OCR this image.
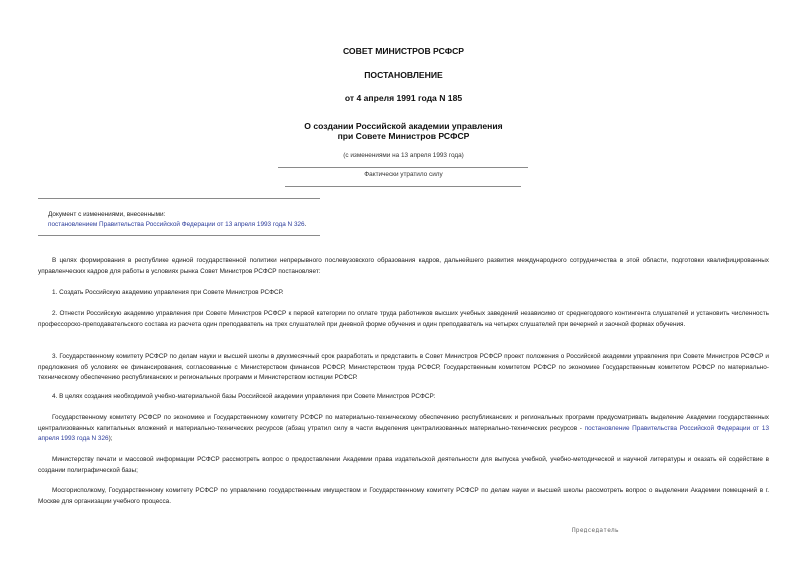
СОВЕТ МИНИСТРОВ РСФСР
ПОСТАНОВЛЕНИЕ
от 4 апреля 1991 года N 185
О создании Российской академии управления
при Совете Министров РСФСР
(с изменениями на 13 апреля 1993 года)
Фактически утратило силу
Документ с изменениями, внесенными:
постановлением Правительства Российской Федерации от 13 апреля 1993 года N 326.
В целях формирования в республике единой государственной политики непрерывного послевузовского образования кадров, дальнейшего развития международного сотрудничества в этой области, подготовки квалифицированных управленческих кадров для работы в условиях рынка Совет Министров РСФСР постановляет:
1. Создать Российскую академию управления при Совете Министров РСФСР.
2. Отнести Российскую академию управления при Совете Министров РСФСР к первой категории по оплате труда работников высших учебных заведений независимо от среднегодового контингента слушателей и установить численность профессорско-преподавательского состава из расчета один преподаватель на трех слушателей при дневной форме обучения и один преподаватель на четырех слушателей при вечерней и заочной формах обучения.
3. Государственному комитету РСФСР по делам науки и высшей школы в двухмесячный срок разработать и представить в Совет Министров РСФСР проект положения о Российской академии управления при Совете Министров РСФСР и предложения об условиях ее финансирования, согласованные с Министерством финансов РСФСР, Министерством труда РСФСР, Государственным комитетом РСФСР по экономике Государственным комитетом РСФСР по материально-техническому обеспечению республиканских и региональных программ и Министерством юстиции РСФСР.
4. В целях создания необходимой учебно-материальной базы Российской академии управления при Совете Министров РСФСР:
Государственному комитету РСФСР по экономике и Государственному комитету РСФСР по материально-техническому обеспечению республиканских и региональных программ предусматривать выделение Академии государственных централизованных капитальных вложений и материально-технических ресурсов (абзац утратил силу в части выделения централизованных материально-технических ресурсов - постановление Правительства Российской Федерации от 13 апреля 1993 года N 326);
Министерству печати и массовой информации РСФСР рассмотреть вопрос о предоставлении Академии права издательской деятельности для выпуска учебной, учебно-методической и научной литературы и оказать ей содействие в создании полиграфической базы;
Мосгорисполкому, Государственному комитету РСФСР по управлению государственным имуществом и Государственному комитету РСФСР по делам науки и высшей школы рассмотреть вопрос о выделении Академии помещений в г. Москве для организации учебного процесса.
Председатель
